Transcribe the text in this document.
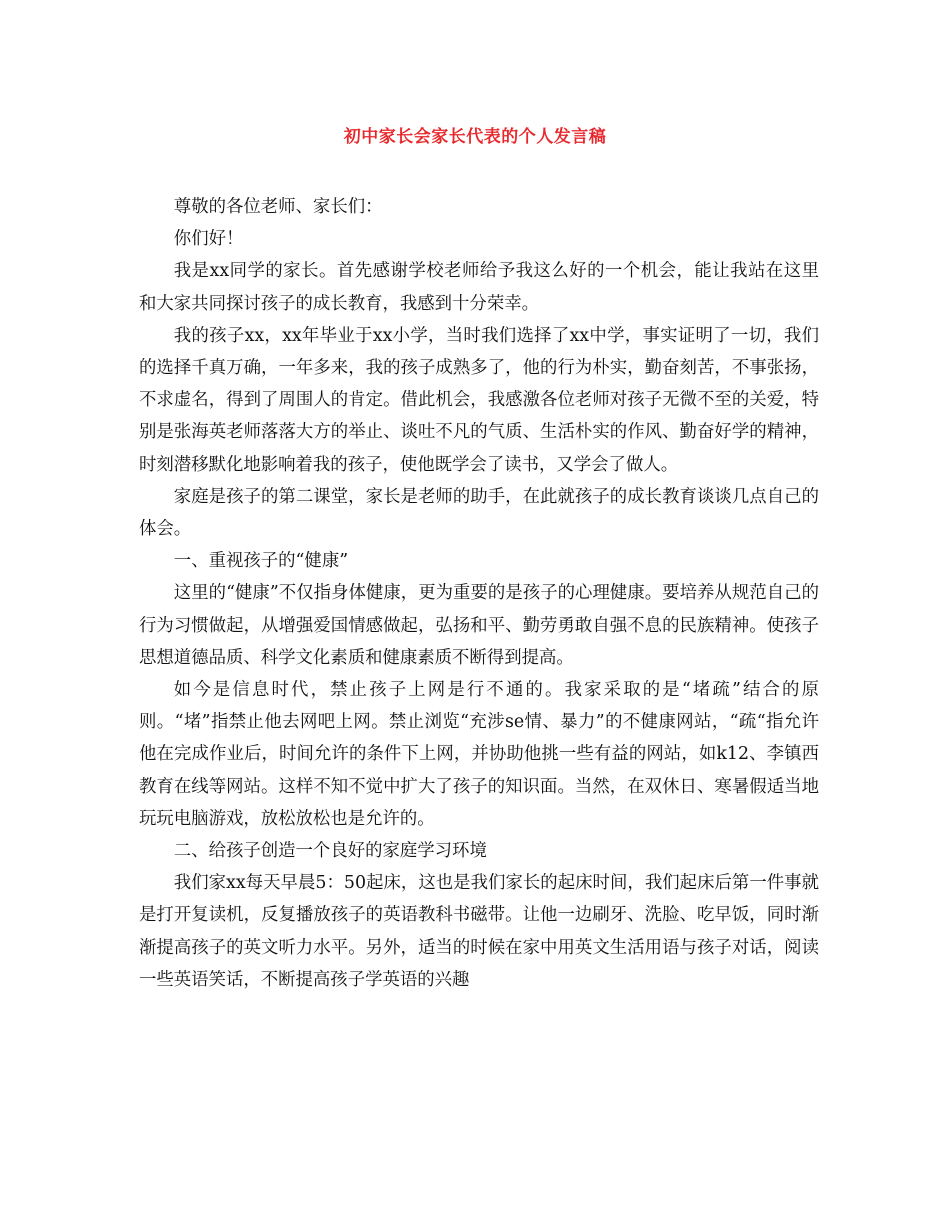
初中家长会家长代表的个人发言稿

尊敬的各位老师、家长们：

你们好！

我是xx同学的家长。首先感谢学校老师给予我这么好的一个机会，能让我站在这里和大家共同探讨孩子的成长教育，我感到十分荣幸。

我的孩子xx，xx年毕业于xx小学，当时我们选择了xx中学，事实证明了一切，我们的选择千真万确，一年多来，我的孩子成熟多了，他的行为朴实，勤奋刻苦，不事张扬，不求虚名，得到了周围人的肯定。借此机会，我感激各位老师对孩子无微不至的关爱，特别是张海英老师落落大方的举止、谈吐不凡的气质、生活朴实的作风、勤奋好学的精神，时刻潜移默化地影响着我的孩子，使他既学会了读书，又学会了做人。

家庭是孩子的第二课堂，家长是老师的助手，在此就孩子的成长教育谈谈几点自己的体会。

一、重视孩子的“健康”

这里的“健康”不仅指身体健康，更为重要的是孩子的心理健康。要培养从规范自己的行为习惯做起，从增强爱国情感做起，弘扬和平、勤劳勇敢自强不息的民族精神。使孩子思想道德品质、科学文化素质和健康素质不断得到提高。

如今是信息时代，禁止孩子上网是行不通的。我家采取的是“堵疏”结合的原则。“堵”指禁止他去网吧上网。禁止浏览“充涉se情、暴力”的不健康网站，“疏“指允许他在完成作业后，时间允许的条件下上网，并协助他挑一些有益的网站，如k12、李镇西教育在线等网站。这样不知不觉中扩大了孩子的知识面。当然，在双休日、寒暑假适当地玩玩电脑游戏，放松放松也是允许的。

二、给孩子创造一个良好的家庭学习环境

我们家xx每天早晨5：50起床，这也是我们家长的起床时间，我们起床后第一件事就是打开复读机，反复播放孩子的英语教科书磁带。让他一边刷牙、洗脸、吃早饭，同时渐渐提高孩子的英文听力水平。另外，适当的时候在家中用英文生活用语与孩子对话，阅读一些英语笑话，不断提高孩子学英语的兴趣
